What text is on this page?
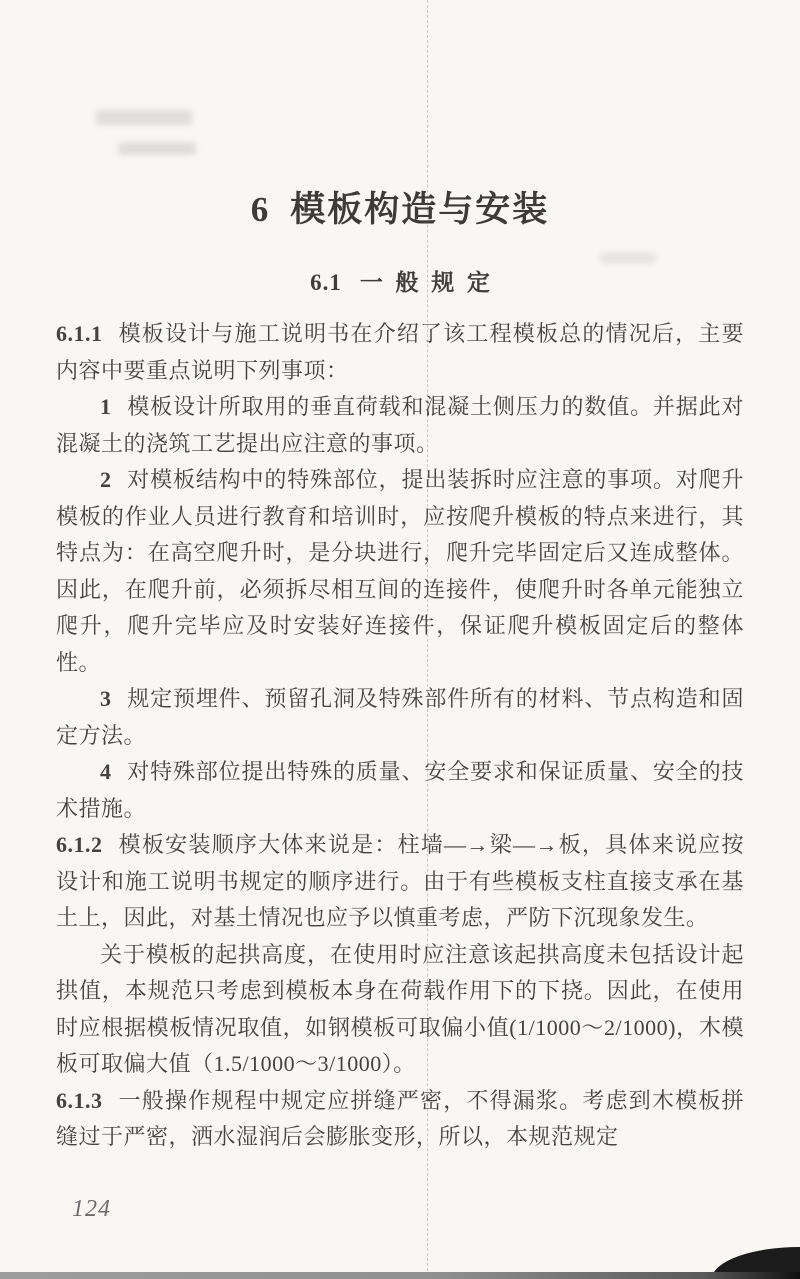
6 模板构造与安装
6.1 一般规定

6.1.1 模板设计与施工说明书在介绍了该工程模板总的情况后，主要内容中要重点说明下列事项：

1 模板设计所取用的垂直荷载和混凝土侧压力的数值。并据此对混凝土的浇筑工艺提出应注意的事项。

2 对模板结构中的特殊部位，提出装拆时应注意的事项。对爬升模板的作业人员进行教育和培训时，应按爬升模板的特点来进行，其特点为：在高空爬升时，是分块进行，爬升完毕固定后又连成整体。因此，在爬升前，必须拆尽相互间的连接件，使爬升时各单元能独立爬升，爬升完毕应及时安装好连接件，保证爬升模板固定后的整体性。

3 规定预埋件、预留孔洞及特殊部件所有的材料、节点构造和固定方法。

4 对特殊部位提出特殊的质量、安全要求和保证质量、安全的技术措施。

6.1.2 模板安装顺序大体来说是：柱墙—→梁—→板，具体来说应按设计和施工说明书规定的顺序进行。由于有些模板支柱直接支承在基土上，因此，对基土情况也应予以慎重考虑，严防下沉现象发生。

关于模板的起拱高度，在使用时应注意该起拱高度未包括设计起拱值，本规范只考虑到模板本身在荷载作用下的下挠。因此，在使用时应根据模板情况取值，如钢模板可取偏小值(1/1000～2/1000)，木模板可取偏大值（1.5/1000～3/1000）。

6.1.3 一般操作规程中规定应拼缝严密，不得漏浆。考虑到木模板拼缝过于严密，洒水湿润后会膨胀变形，所以，本规范规定

124
